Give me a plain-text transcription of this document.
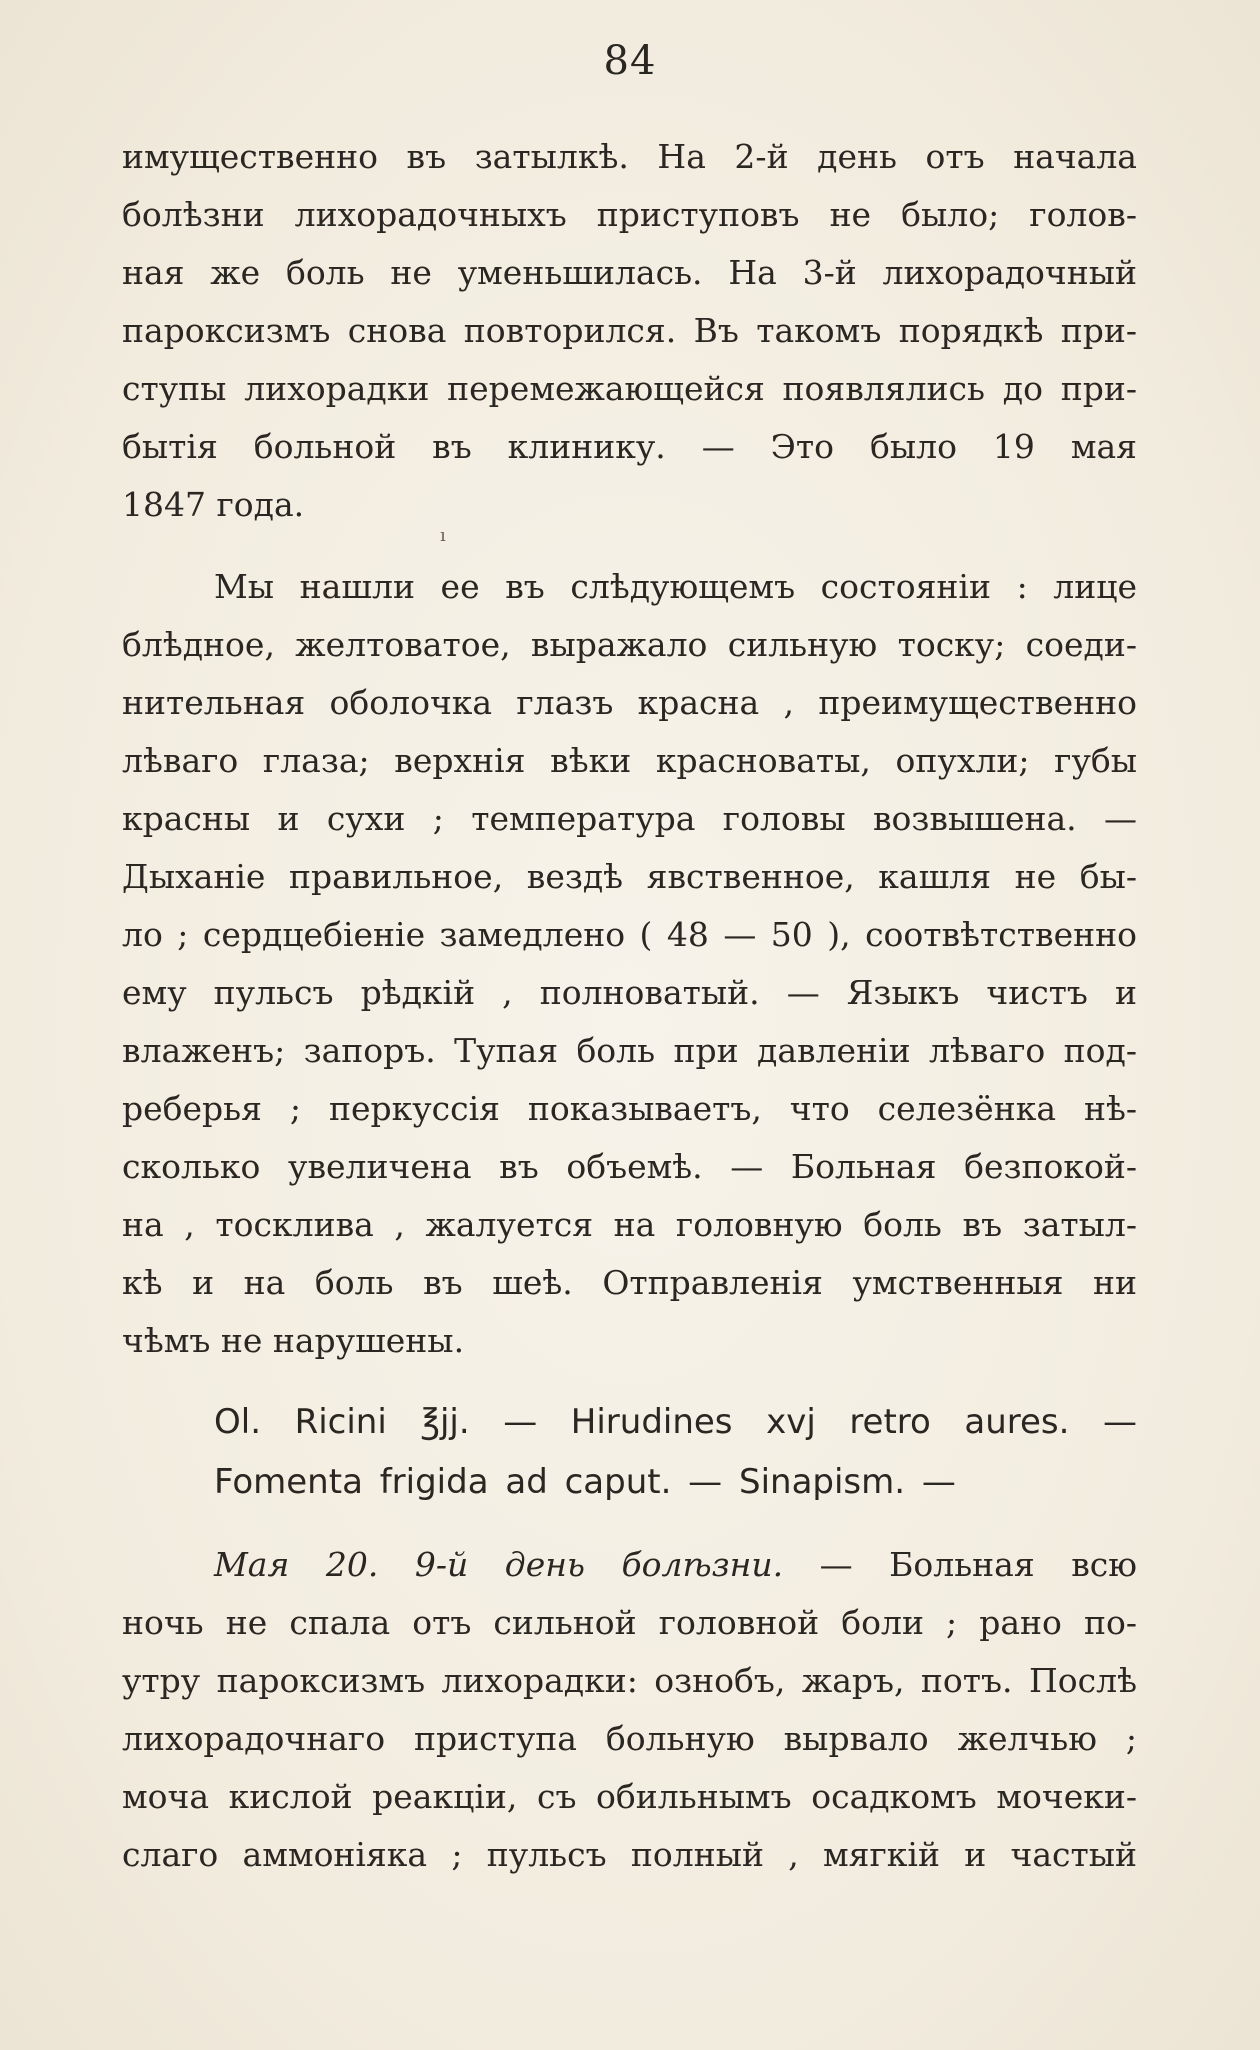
84
имущественно въ затылкѣ. На 2-й день отъ начала
болѣзни лихорадочныхъ приступовъ не было; голов-
ная же боль не уменьшилась. На 3-й лихорадочный
пароксизмъ снова повторился. Въ такомъ порядкѣ при-
ступы лихорадки перемежающейся появлялись до при-
бытія больной въ клинику. — Это было 19 мая
1847 года.
ı
Мы нашли ее въ слѣдующемъ состояніи : лице
блѣдное, желтоватое, выражало сильную тоску; соеди-
нительная оболочка глазъ красна , преимущественно
лѣваго глаза; верхнія вѣки красноваты, опухли; губы
красны и сухи ; температура головы возвышена. —
Дыханіе правильное, вездѣ явственное, кашля не бы-
ло ; сердцебіеніе замедлено ( 48 — 50 ), соотвѣтственно
ему пульсъ рѣдкій , полноватый. — Языкъ чистъ и
влаженъ; запоръ. Тупая боль при давленіи лѣваго под-
реберья ; перкуссія показываетъ, что селезёнка нѣ-
сколько увеличена въ объемѣ. — Больная безпокой-
на , тосклива , жалуется на головную боль въ затыл-
кѣ и на боль въ шеѣ. Отправленія умственныя ни
чѣмъ не нарушены.
Ol. Ricini ℥jj. — Hirudines xvj retro aures. —
Fomenta frigida ad caput. — Sinapism. —
Мая 20. 9-й день болѣзни. — Больная всю
ночь не спала отъ сильной головной боли ; рано по-
утру пароксизмъ лихорадки: ознобъ, жаръ, потъ. Послѣ
лихорадочнаго приступа больную вырвало желчью ;
моча кислой реакціи, съ обильнымъ осадкомъ мочеки-
слаго аммоніяка ; пульсъ полный , мягкій и частый
